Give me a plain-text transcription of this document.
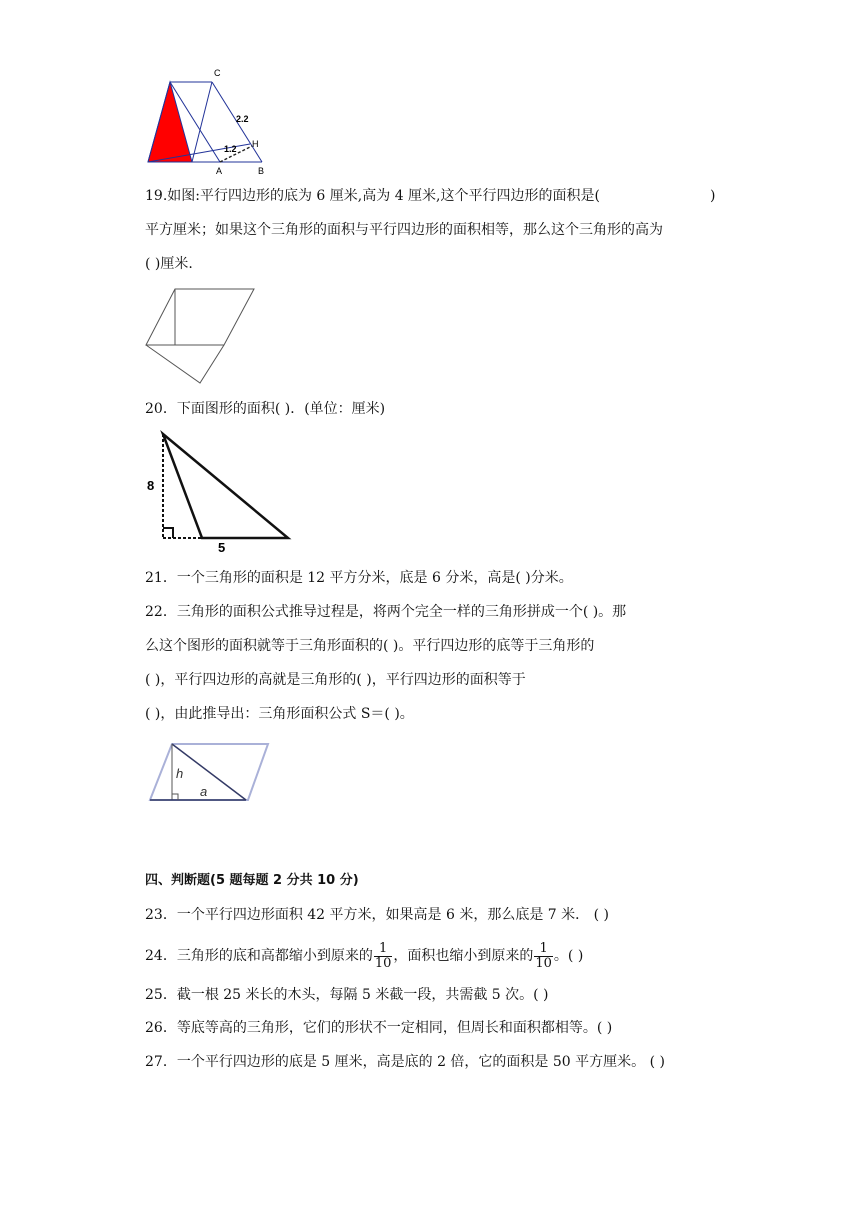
C
A	B
H
2.2
1.2
19.如图:平行四边形的底为 6 厘米,高为 4 厘米,这个平行四边形的面积是(	)
平方厘米；如果这个三角形的面积与平行四边形的面积相等，那么这个三角形的高为
( )厘米.
20．下面图形的面积( )．(单位：厘米)
8
5
21．一个三角形的面积是 12 平方分米，底是 6 分米，高是( )分米。
22．三角形的面积公式推导过程是，将两个完全一样的三角形拼成一个( )。那
么这个图形的面积就等于三角形面积的( )。平行四边形的底等于三角形的
( )，平行四边形的高就是三角形的( )，平行四边形的面积等于
( )，由此推导出：三角形面积公式 S＝( )。
h
a
四、判断题(5 题每题 2 分共 10 分)
23．一个平行四边形面积 42 平方米，如果高是 6 米，那么底是 7 米． ( )
24．三角形的底和高都缩小到原来的 $\frac{1}{10}$ ，面积也缩小到原来的 $\frac{1}{10}$ 。( )
25．截一根 25 米长的木头，每隔 5 米截一段，共需截 5 次。( )
26．等底等高的三角形，它们的形状不一定相同，但周长和面积都相等。( )
27．一个平行四边形的底是 5 厘米，高是底的 2 倍，它的面积是 50 平方厘米。 ( )
